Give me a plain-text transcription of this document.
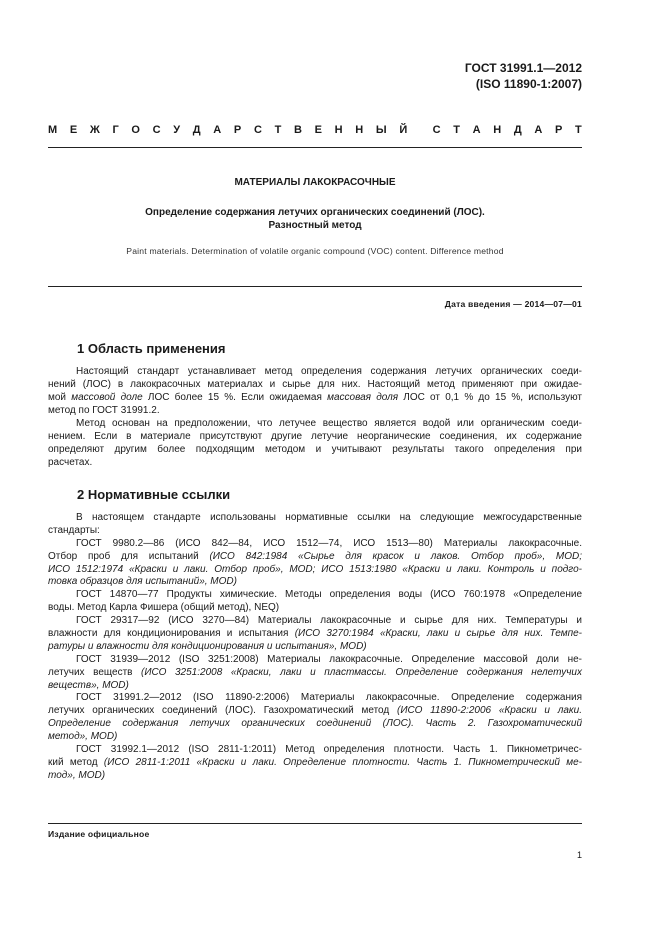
ГОСТ 31991.1—2012
(ISO 11890-1:2007)
М Е Ж Г О С У Д А Р С Т В Е Н Н Ы Й С Т А Н Д А Р Т
МАТЕРИАЛЫ ЛАКОКРАСОЧНЫЕ
Определение содержания летучих органических соединений (ЛОС).
Разностный метод
Paint materials. Determination of volatile organic compound (VOC) content. Difference method
Дата введения — 2014—07—01
1 Область применения
Настоящий стандарт устанавливает метод определения содержания летучих органических соеди-
нений (ЛОС) в лакокрасочных материалах и сырье для них. Настоящий метод применяют при ожидае-
мой массовой доле ЛОС более 15 %. Если ожидаемая массовая доля ЛОС от 0,1 % до 15 %, используют
метод по ГОСТ 31991.2.
Метод основан на предположении, что летучее вещество является водой или органическим соеди-
нением. Если в материале присутствуют другие летучие неорганические соединения, их содержание
определяют другим более подходящим методом и учитывают результаты такого определения при
расчетах.
2 Нормативные ссылки
В настоящем стандарте использованы нормативные ссылки на следующие межгосударственные
стандарты:
ГОСТ 9980.2—86 (ИСО 842—84, ИСО 1512—74, ИСО 1513—80) Материалы лакокрасочные.
Отбор проб для испытаний (ИСО 842:1984 «Сырье для красок и лаков. Отбор проб», MOD;
ИСО 1512:1974 «Краски и лаки. Отбор проб», MOD; ИСО 1513:1980 «Краски и лаки. Контроль и подго-
товка образцов для испытаний», MOD)
ГОСТ 14870—77 Продукты химические. Методы определения воды (ИСО 760:1978 «Определение
воды. Метод Карла Фишера (общий метод), NEQ)
ГОСТ 29317—92 (ИСО 3270—84) Материалы лакокрасочные и сырье для них. Температуры и
влажности для кондиционирования и испытания (ИСО 3270:1984 «Краски, лаки и сырье для них. Темпе-
ратуры и влажности для кондиционирования и испытания», MOD)
ГОСТ 31939—2012 (ISO 3251:2008) Материалы лакокрасочные. Определение массовой доли не-
летучих веществ (ИСО 3251:2008 «Краски, лаки и пластмассы. Определение содержания нелетучих
веществ», MOD)
ГОСТ 31991.2—2012 (ISO 11890-2:2006) Материалы лакокрасочные. Определение содержания
летучих органических соединений (ЛОС). Газохроматический метод (ИСО 11890-2:2006 «Краски и лаки.
Определение содержания летучих органических соединений (ЛОС). Часть 2. Газохроматический
метод», MOD)
ГОСТ 31992.1—2012 (ISO 2811-1:2011) Метод определения плотности. Часть 1. Пикнометричес-
кий метод (ИСО 2811-1:2011 «Краски и лаки. Определение плотности. Часть 1. Пикнометрический ме-
тод», MOD)
Издание официальное
1
